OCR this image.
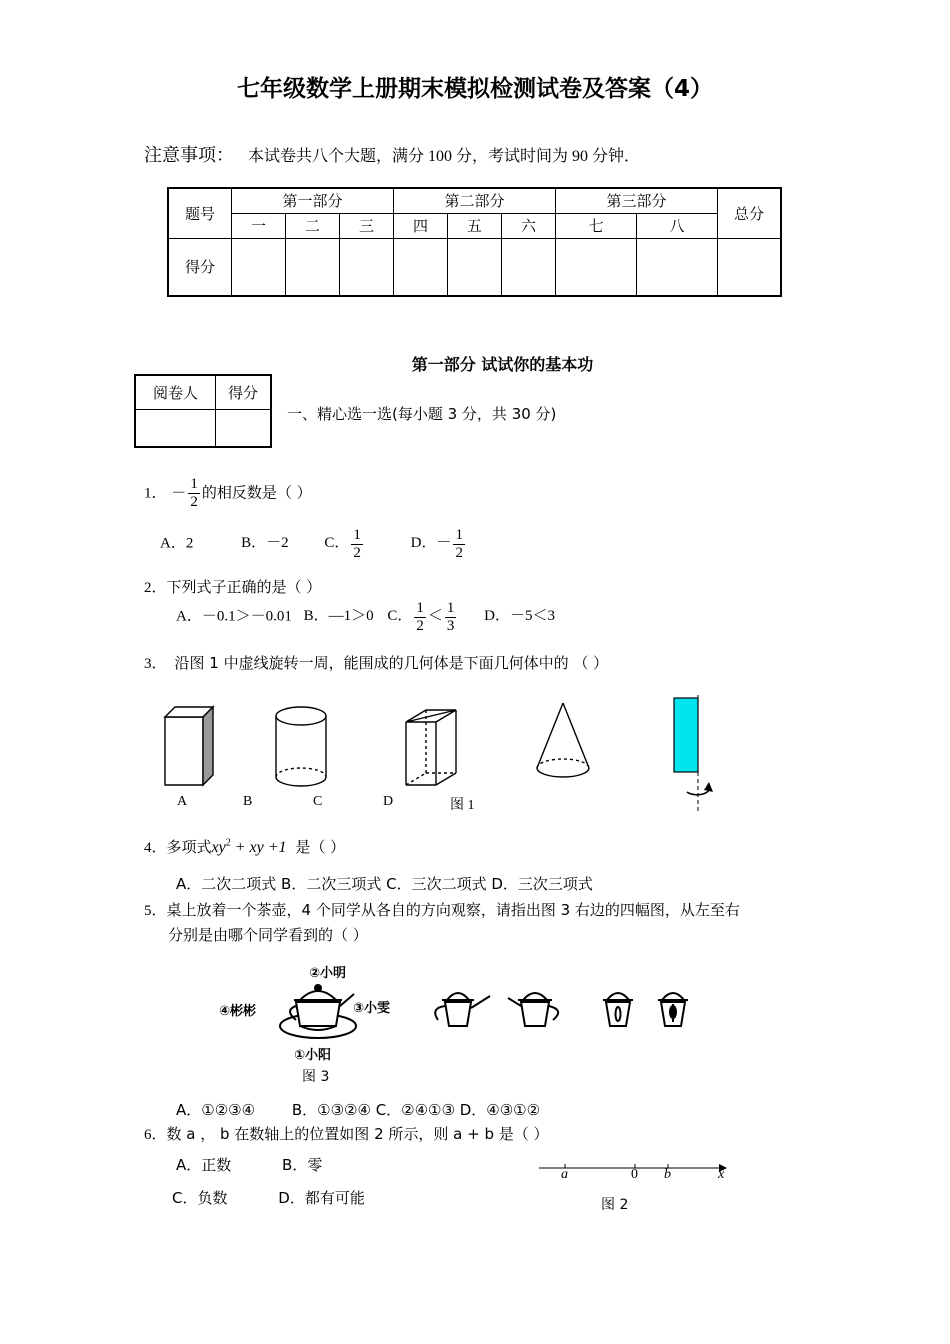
七年级数学上册期末模拟检测试卷及答案（4）
注意事项： 本试卷共八个大题，满分 100 分，考试时间为 90 分钟．
题号	第一部分			第二部分			第三部分		总分
	一	二	三	四	五	六	七	八	
得分									
第一部分 试试你的基本功
阅卷人	得分

一、精心选一选(每小题 3 分，共 30 分)
1． － $\frac{1}{2}$ 的相反数是（ ）
A．2	B．－2 C． $\frac{1}{2}$	D．－ $\frac{1}{2}$
2．下列式子正确的是（ ）
A．－0.1＞－0.01 B．—1＞0 C． $\frac{1}{2} < \frac{1}{3}$ D．－5＜3
3． 沿图 1 中虚线旋转一周，能围成的几何体是下面几何体中的 （ ）
A	B	C	D	图 1
4．多项式$xy^2$ + xy +1 是（ ）
A．二次二项式 B．二次三项式 C．三次二项式 D．三次三项式
5．桌上放着一个茶壶，4 个同学从各自的方向观察，请指出图 3 右边的四幅图，从左至右
分别是由哪个同学看到的（ ）
②小明
④彬彬	③小雯
①小阳
图 3
A．①②③④ B．①③②④ C．②④①③ D．④③①②
6．数 a ， b 在数轴上的位置如图 2 所示，则 a + b 是（ ）
A．正数	B．零
C．负数	D．都有可能
a	0 b	x
图 2
